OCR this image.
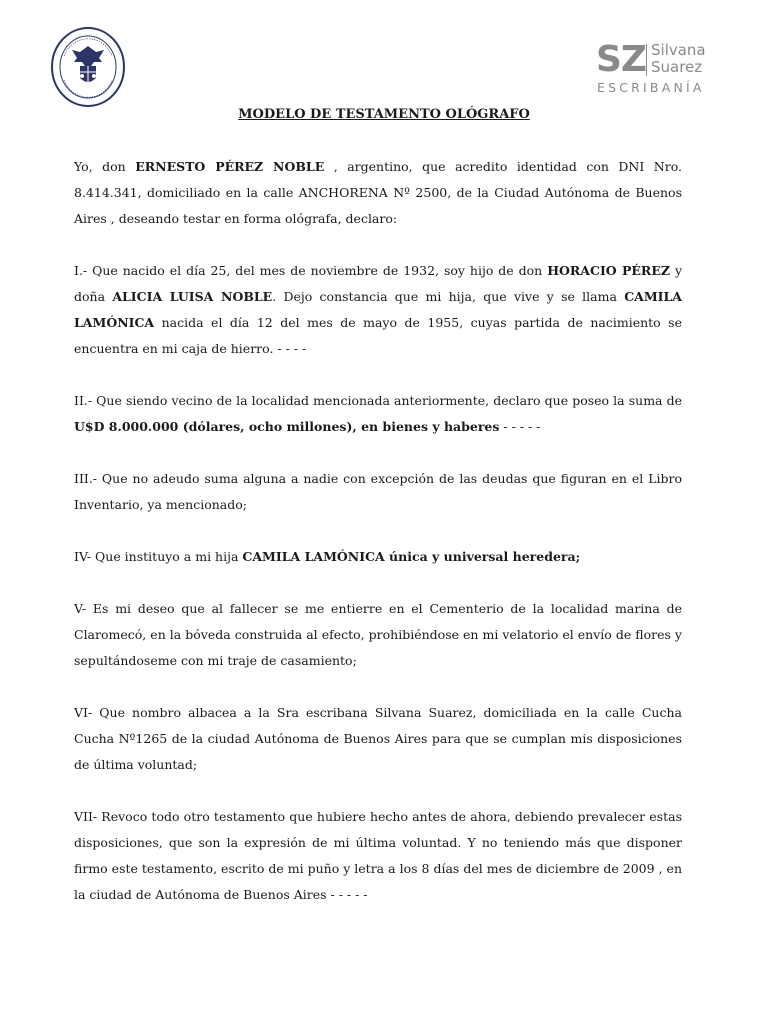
SZ Silvana
Suarez
ESCRIBANÍA
MODELO DE TESTAMENTO OLÓGRAFO

Yo, don ERNESTO PÉREZ NOBLE , argentino, que acredito identidad con DNI Nro. 8.414.341, domiciliado en la calle ANCHORENA Nº 2500, de la Ciudad Autónoma de Buenos Aires , deseando testar en forma ológrafa, declaro:

I.- Que nacido el día 25, del mes de noviembre de 1932, soy hijo de don HORACIO PÉREZ y doña ALICIA LUISA NOBLE. Dejo constancia que mi hija, que vive y se llama CAMILA LAMÓNICA nacida el día 12 del mes de mayo de 1955, cuyas partida de nacimiento se encuentra en mi caja de hierro. - - - -

II.- Que siendo vecino de la localidad mencionada anteriormente, declaro que poseo la suma de U$D 8.000.000 (dólares, ocho millones), en bienes y haberes - - - - -

III.- Que no adeudo suma alguna a nadie con excepción de las deudas que figuran en el Libro Inventario, ya mencionado;

IV- Que instituyo a mi hija CAMILA LAMÓNICA única y universal heredera;

V- Es mi deseo que al fallecer se me entierre en el Cementerio de la localidad marina de Claromecó, en la bóveda construida al efecto, prohibiéndose en mi velatorio el envío de flores y sepultándoseme con mi traje de casamiento;

VI- Que nombro albacea a la Sra escribana Silvana Suarez, domiciliada en la calle Cucha Cucha Nº1265 de la ciudad Autónoma de Buenos Aires para que se cumplan mis disposiciones de última voluntad;

VII- Revoco todo otro testamento que hubiere hecho antes de ahora, debiendo prevalecer estas disposiciones, que son la expresión de mi última voluntad. Y no teniendo más que disponer firmo este testamento, escrito de mi puño y letra a los 8 días del mes de diciembre de 2009 , en la ciudad de Autónoma de Buenos Aires - - - - -
